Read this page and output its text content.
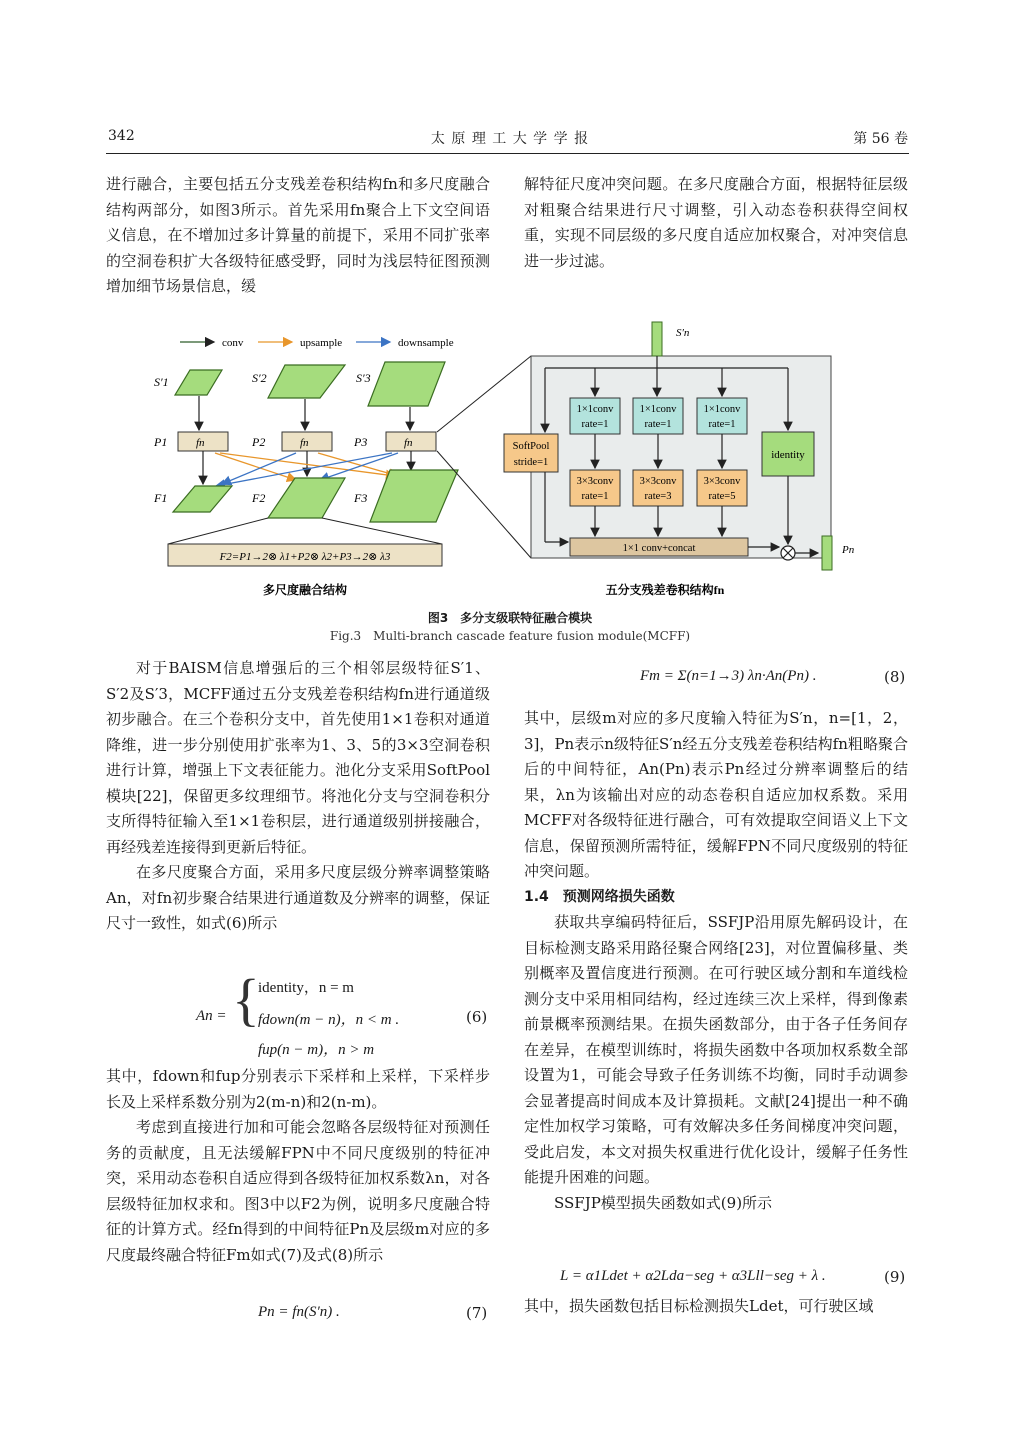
342	太 原 理 工 大 学 学 报	第 56 卷

进行融合，主要包括五分支残差卷积结构fn和多尺度融合结构两部分，如图3所示。首先采用fn聚合上下文空间语义信息，在不增加过多计算量的前提下，采用不同扩张率的空洞卷积扩大各级特征感受野，同时为浅层特征图预测增加细节场景信息，缓

解特征尺度冲突问题。在多尺度融合方面，根据特征层级对粗聚合结果进行尺寸调整，引入动态卷积获得空间权重，实现不同层级的多尺度自适应加权聚合，对冲突信息进一步过滤。

conv	upsample	downsample
S′1	S′2	S′3
fn	fn	fn
P1	P2	P3
F1	F2	F3
F2=P1→2⊗ λ1+P2⊗ λ2+P3→2⊗ λ3
S′n
1×1conv
rate=1
1×1conv
rate=1
1×1conv
rate=1
3×3conv
rate=1
3×3conv
rate=3
3×3conv
rate=5
SoftPool
stride=1
identity
1×1 conv+concat	Pn
多尺度融合结构	五分支残差卷积结构fn
图3　多分支级联特征融合模块
Fig.3　Multi-branch cascade feature fusion module(MCFF)

对于BAISM信息增强后的三个相邻层级特征S′1、S′2及S′3，MCFF通过五分支残差卷积结构fn进行通道级初步融合。在三个卷积分支中，首先使用1×1卷积对通道降维，进一步分别使用扩张率为1、3、5的3×3空洞卷积进行计算，增强上下文表征能力。池化分支采用SoftPool模块[22]，保留更多纹理细节。将池化分支与空洞卷积分支所得特征输入至1×1卷积层，进行通道级别拼接融合，再经残差连接得到更新后特征。

在多尺度聚合方面，采用多尺度层级分辨率调整策略An，对fn初步聚合结果进行通道数及分辨率的调整，保证尺寸一致性，如式(6)所示

An = {
identity，n = m
fdown(m − n)，n < m .
fup(n − m)，n > m
(6)

其中，fdown和fup分别表示下采样和上采样，下采样步长及上采样系数分别为2(m-n)和2(n-m)。

考虑到直接进行加和可能会忽略各层级特征对预测任务的贡献度，且无法缓解FPN中不同尺度级别的特征冲突，采用动态卷积自适应得到各级特征加权系数λn，对各层级特征加权求和。图3中以F2为例，说明多尺度融合特征的计算方式。经fn得到的中间特征Pn及层级m对应的多尺度最终融合特征Fm如式(7)及式(8)所示

Pn = fn(S′n) .	(7)
Fm = Σ(n=1→3) λn·An(Pn) .	(8)

其中，层级m对应的多尺度输入特征为S′n，n=[1，2，3]，Pn表示n级特征S′n经五分支残差卷积结构fn粗略聚合后的中间特征，An(Pn)表示Pn经过分辨率调整后的结果，λn为该输出对应的动态卷积自适应加权系数。采用MCFF对各级特征进行融合，可有效提取空间语义上下文信息，保留预测所需特征，缓解FPN不同尺度级别的特征冲突问题。

1.4　预测网络损失函数

获取共享编码特征后，SSFJP沿用原先解码设计，在目标检测支路采用路径聚合网络[23]，对位置偏移量、类别概率及置信度进行预测。在可行驶区域分割和车道线检测分支中采用相同结构，经过连续三次上采样，得到像素前景概率预测结果。在损失函数部分，由于各子任务间存在差异，在模型训练时，将损失函数中各项加权系数全部设置为1，可能会导致子任务训练不均衡，同时手动调参会显著提高时间成本及计算损耗。文献[24]提出一种不确定性加权学习策略，可有效解决多任务间梯度冲突问题，受此启发，本文对损失权重进行优化设计，缓解子任务性能提升困难的问题。

SSFJP模型损失函数如式(9)所示

L = α1Ldet + α2Lda−seg + α3Lll−seg + λ .	(9)

其中，损失函数包括目标检测损失Ldet，可行驶区域
